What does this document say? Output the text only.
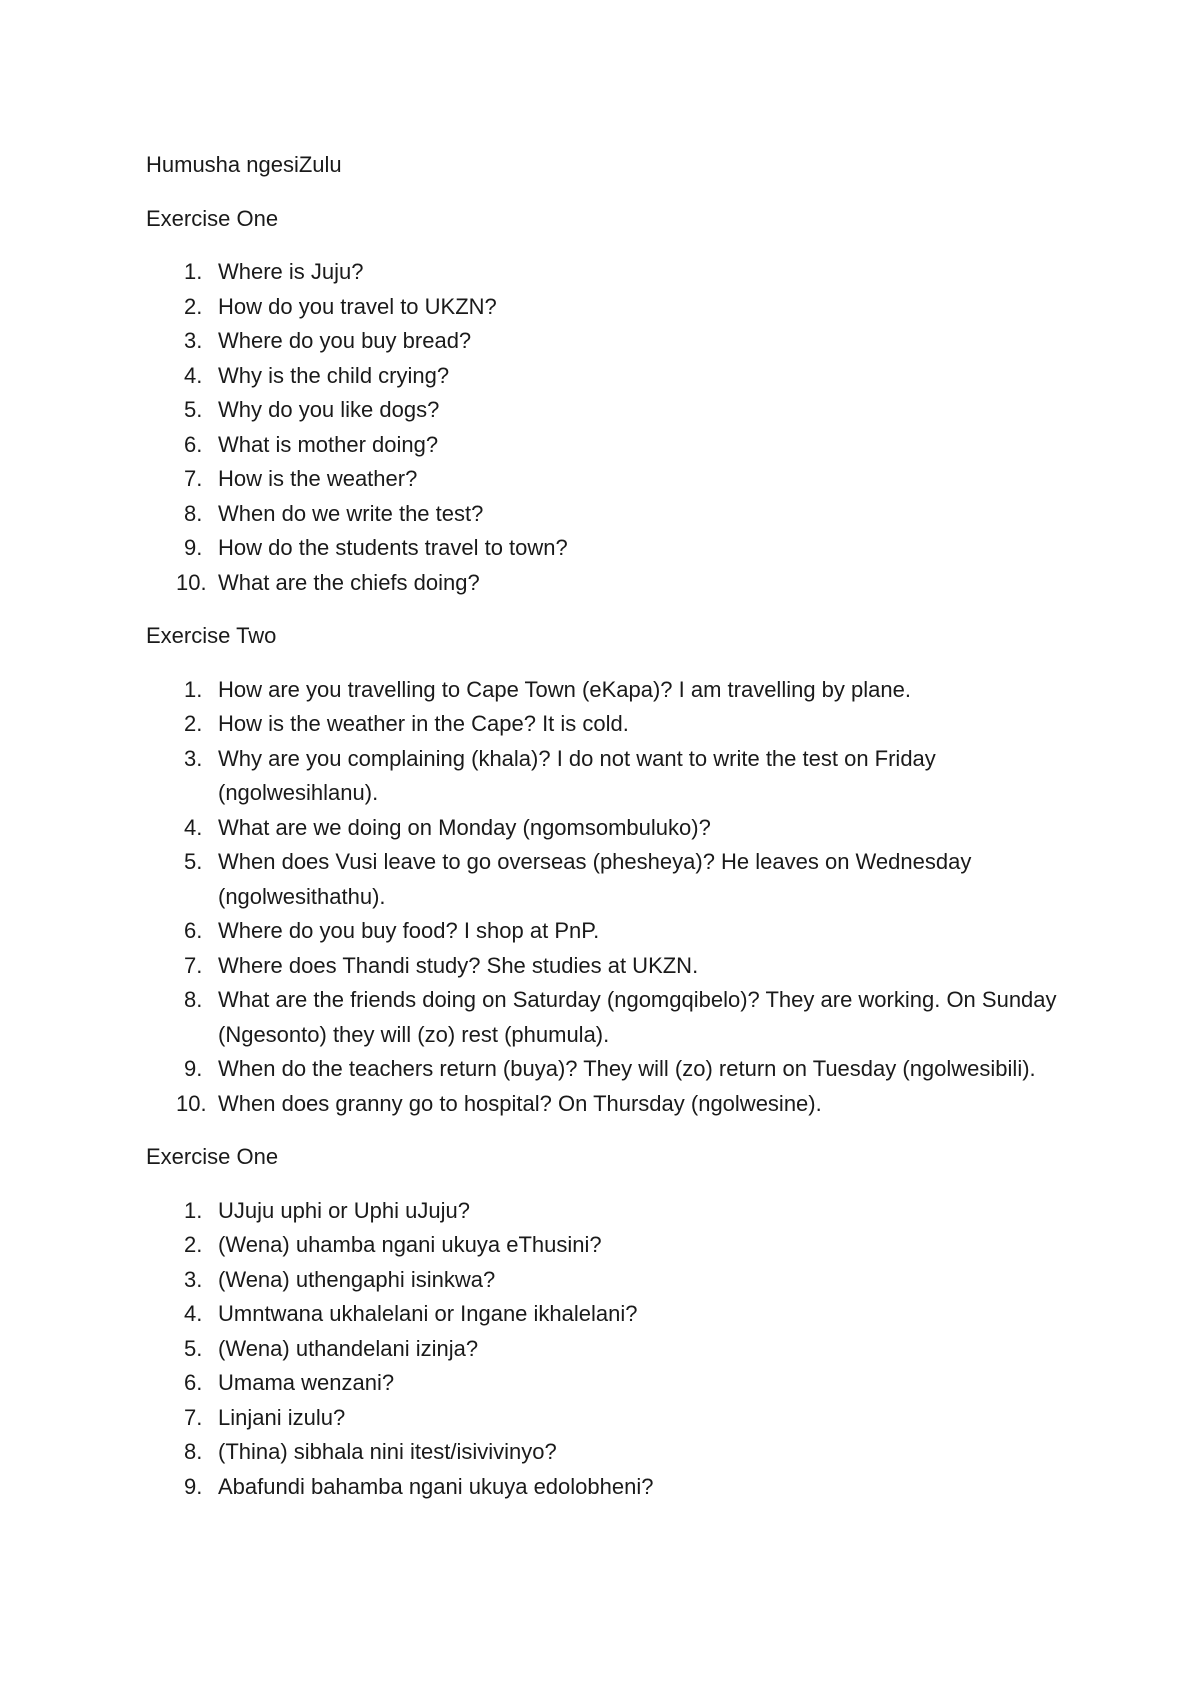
Humusha ngesiZulu

Exercise One

1. Where is Juju?
2. How do you travel to UKZN?
3. Where do you buy bread?
4. Why is the child crying?
5. Why do you like dogs?
6. What is mother doing?
7. How is the weather?
8. When do we write the test?
9. How do the students travel to town?
10. What are the chiefs doing?

Exercise Two

1. How are you travelling to Cape Town (eKapa)? I am travelling by plane.
2. How is the weather in the Cape? It is cold.
3. Why are you complaining (khala)? I do not want to write the test on Friday (ngolwesihlanu).
4. What are we doing on Monday (ngomsombuluko)?
5. When does Vusi leave to go overseas (phesheya)? He leaves on Wednesday (ngolwesithathu).
6. Where do you buy food? I shop at PnP.
7. Where does Thandi study? She studies at UKZN.
8. What are the friends doing on Saturday (ngomgqibelo)? They are working. On Sunday (Ngesonto) they will (zo) rest (phumula).
9. When do the teachers return (buya)? They will (zo) return on Tuesday (ngolwesibili).
10. When does granny go to hospital? On Thursday (ngolwesine).

Exercise One

1. UJuju uphi or Uphi uJuju?
2. (Wena) uhamba ngani ukuya eThusini?
3. (Wena) uthengaphi isinkwa?
4. Umntwana ukhalelani or Ingane ikhalelani?
5. (Wena) uthandelani izinja?
6. Umama wenzani?
7. Linjani izulu?
8. (Thina) sibhala nini itest/isivivinyo?
9. Abafundi bahamba ngani ukuya edolobheni?
